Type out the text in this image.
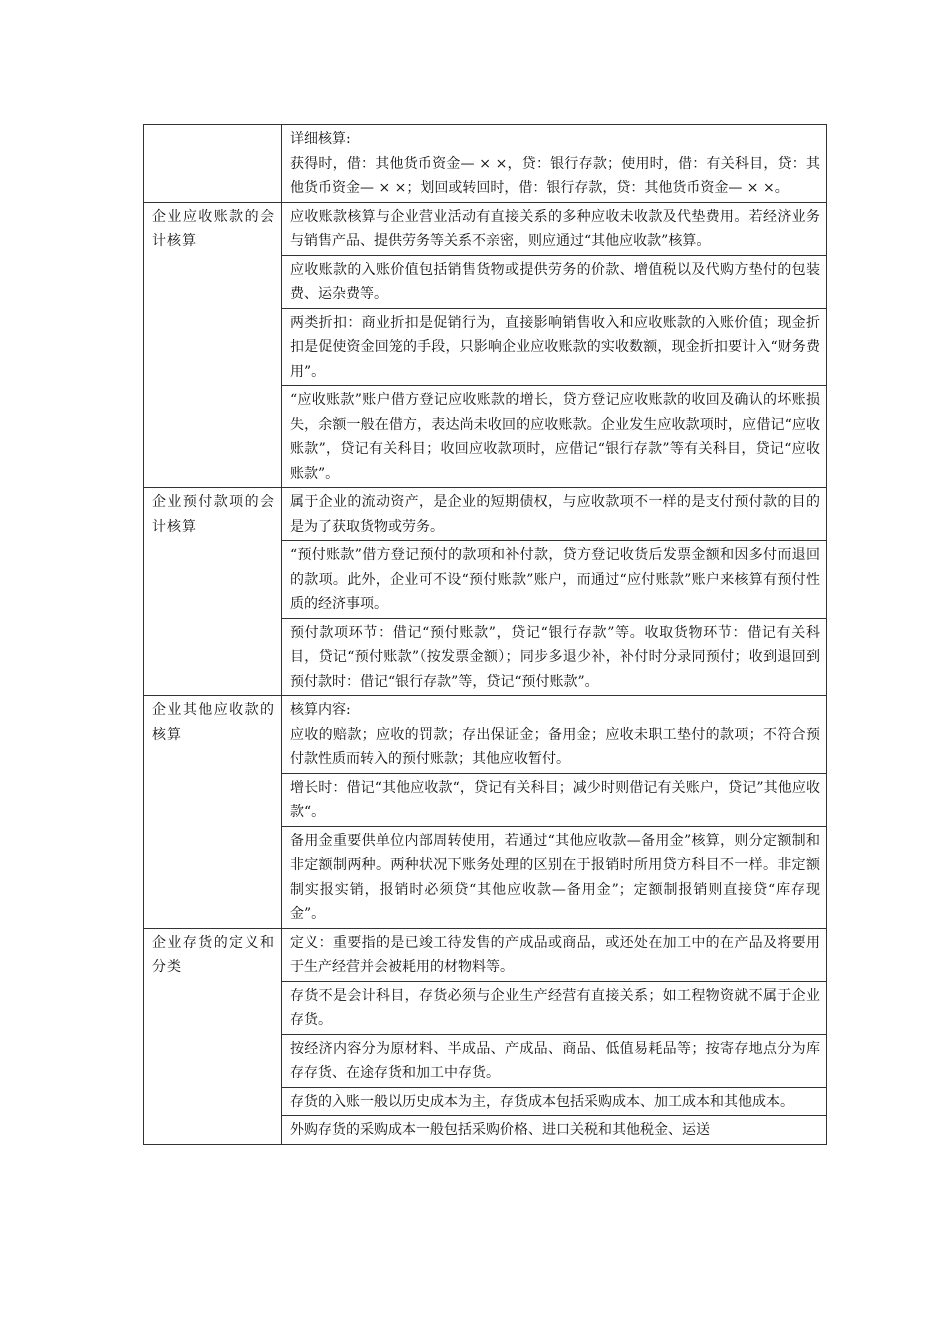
	详细核算:
获得时，借：其他货币资金— × ×，贷：银行存款；使用时，借：有关科目，贷：其他货币资金— × ×；划回或转回时，借：银行存款，贷：其他货币资金— × ×。

企业应收账款的会计核算	应收账款核算与企业营业活动有直接关系的多种应收未收款及代垫费用。若经济业务与销售产品、提供劳务等关系不亲密，则应通过“其他应收款”核算。
	应收账款的入账价值包括销售货物或提供劳务的价款、增值税以及代购方垫付的包装费、运杂费等。
	两类折扣：商业折扣是促销行为，直接影响销售收入和应收账款的入账价值；现金折扣是促使资金回笼的手段，只影响企业应收账款的实收数额，现金折扣要计入“财务费用”。
	“应收账款”账户借方登记应收账款的增长，贷方登记应收账款的收回及确认的坏账损失，余额一般在借方，表达尚未收回的应收账款。企业发生应收款项时，应借记“应收账款”，贷记有关科目；收回应收款项时，应借记“银行存款”等有关科目，贷记“应收账款”。
企业预付款项的会计核算	属于企业的流动资产，是企业的短期债权，与应收款项不一样的是支付预付款的目的是为了获取货物或劳务。
	“预付账款”借方登记预付的款项和补付款，贷方登记收货后发票金额和因多付而退回的款项。此外，企业可不设“预付账款”账户，而通过“应付账款”账户来核算有预付性质的经济事项。
	预付款项环节：借记“预付账款”，贷记“银行存款”等。收取货物环节：借记有关科目，贷记“预付账款”（按发票金额）；同步多退少补，补付时分录同预付；收到退回到预付款时：借记“银行存款”等，贷记“预付账款”。
企业其他应收款的核算	核算内容:
应收的赔款；应收的罚款；存出保证金；备用金；应收未职工垫付的款项；不符合预付款性质而转入的预付账款；其他应收暂付。

	增长时：借记“其他应收款“，贷记有关科目；减少时则借记有关账户，贷记”其他应收款“。
	备用金重要供单位内部周转使用，若通过“其他应收款—备用金”核算，则分定额制和非定额制两种。两种状况下账务处理的区别在于报销时所用贷方科目不一样。非定额制实报实销，报销时必须贷“其他应收款—备用金”；定额制报销则直接贷“库存现金”。
企业存货的定义和分类	定义：重要指的是已竣工待发售的产成品或商品，或还处在加工中的在产品及将要用于生产经营并会被耗用的材物料等。
	存货不是会计科目，存货必须与企业生产经营有直接关系；如工程物资就不属于企业存货。
	按经济内容分为原材料、半成品、产成品、商品、低值易耗品等；按寄存地点分为库存存货、在途存货和加工中存货。
	存货的入账一般以历史成本为主，存货成本包括采购成本、加工成本和其他成本。
	外购存货的采购成本一般包括采购价格、进口关税和其他税金、运送
